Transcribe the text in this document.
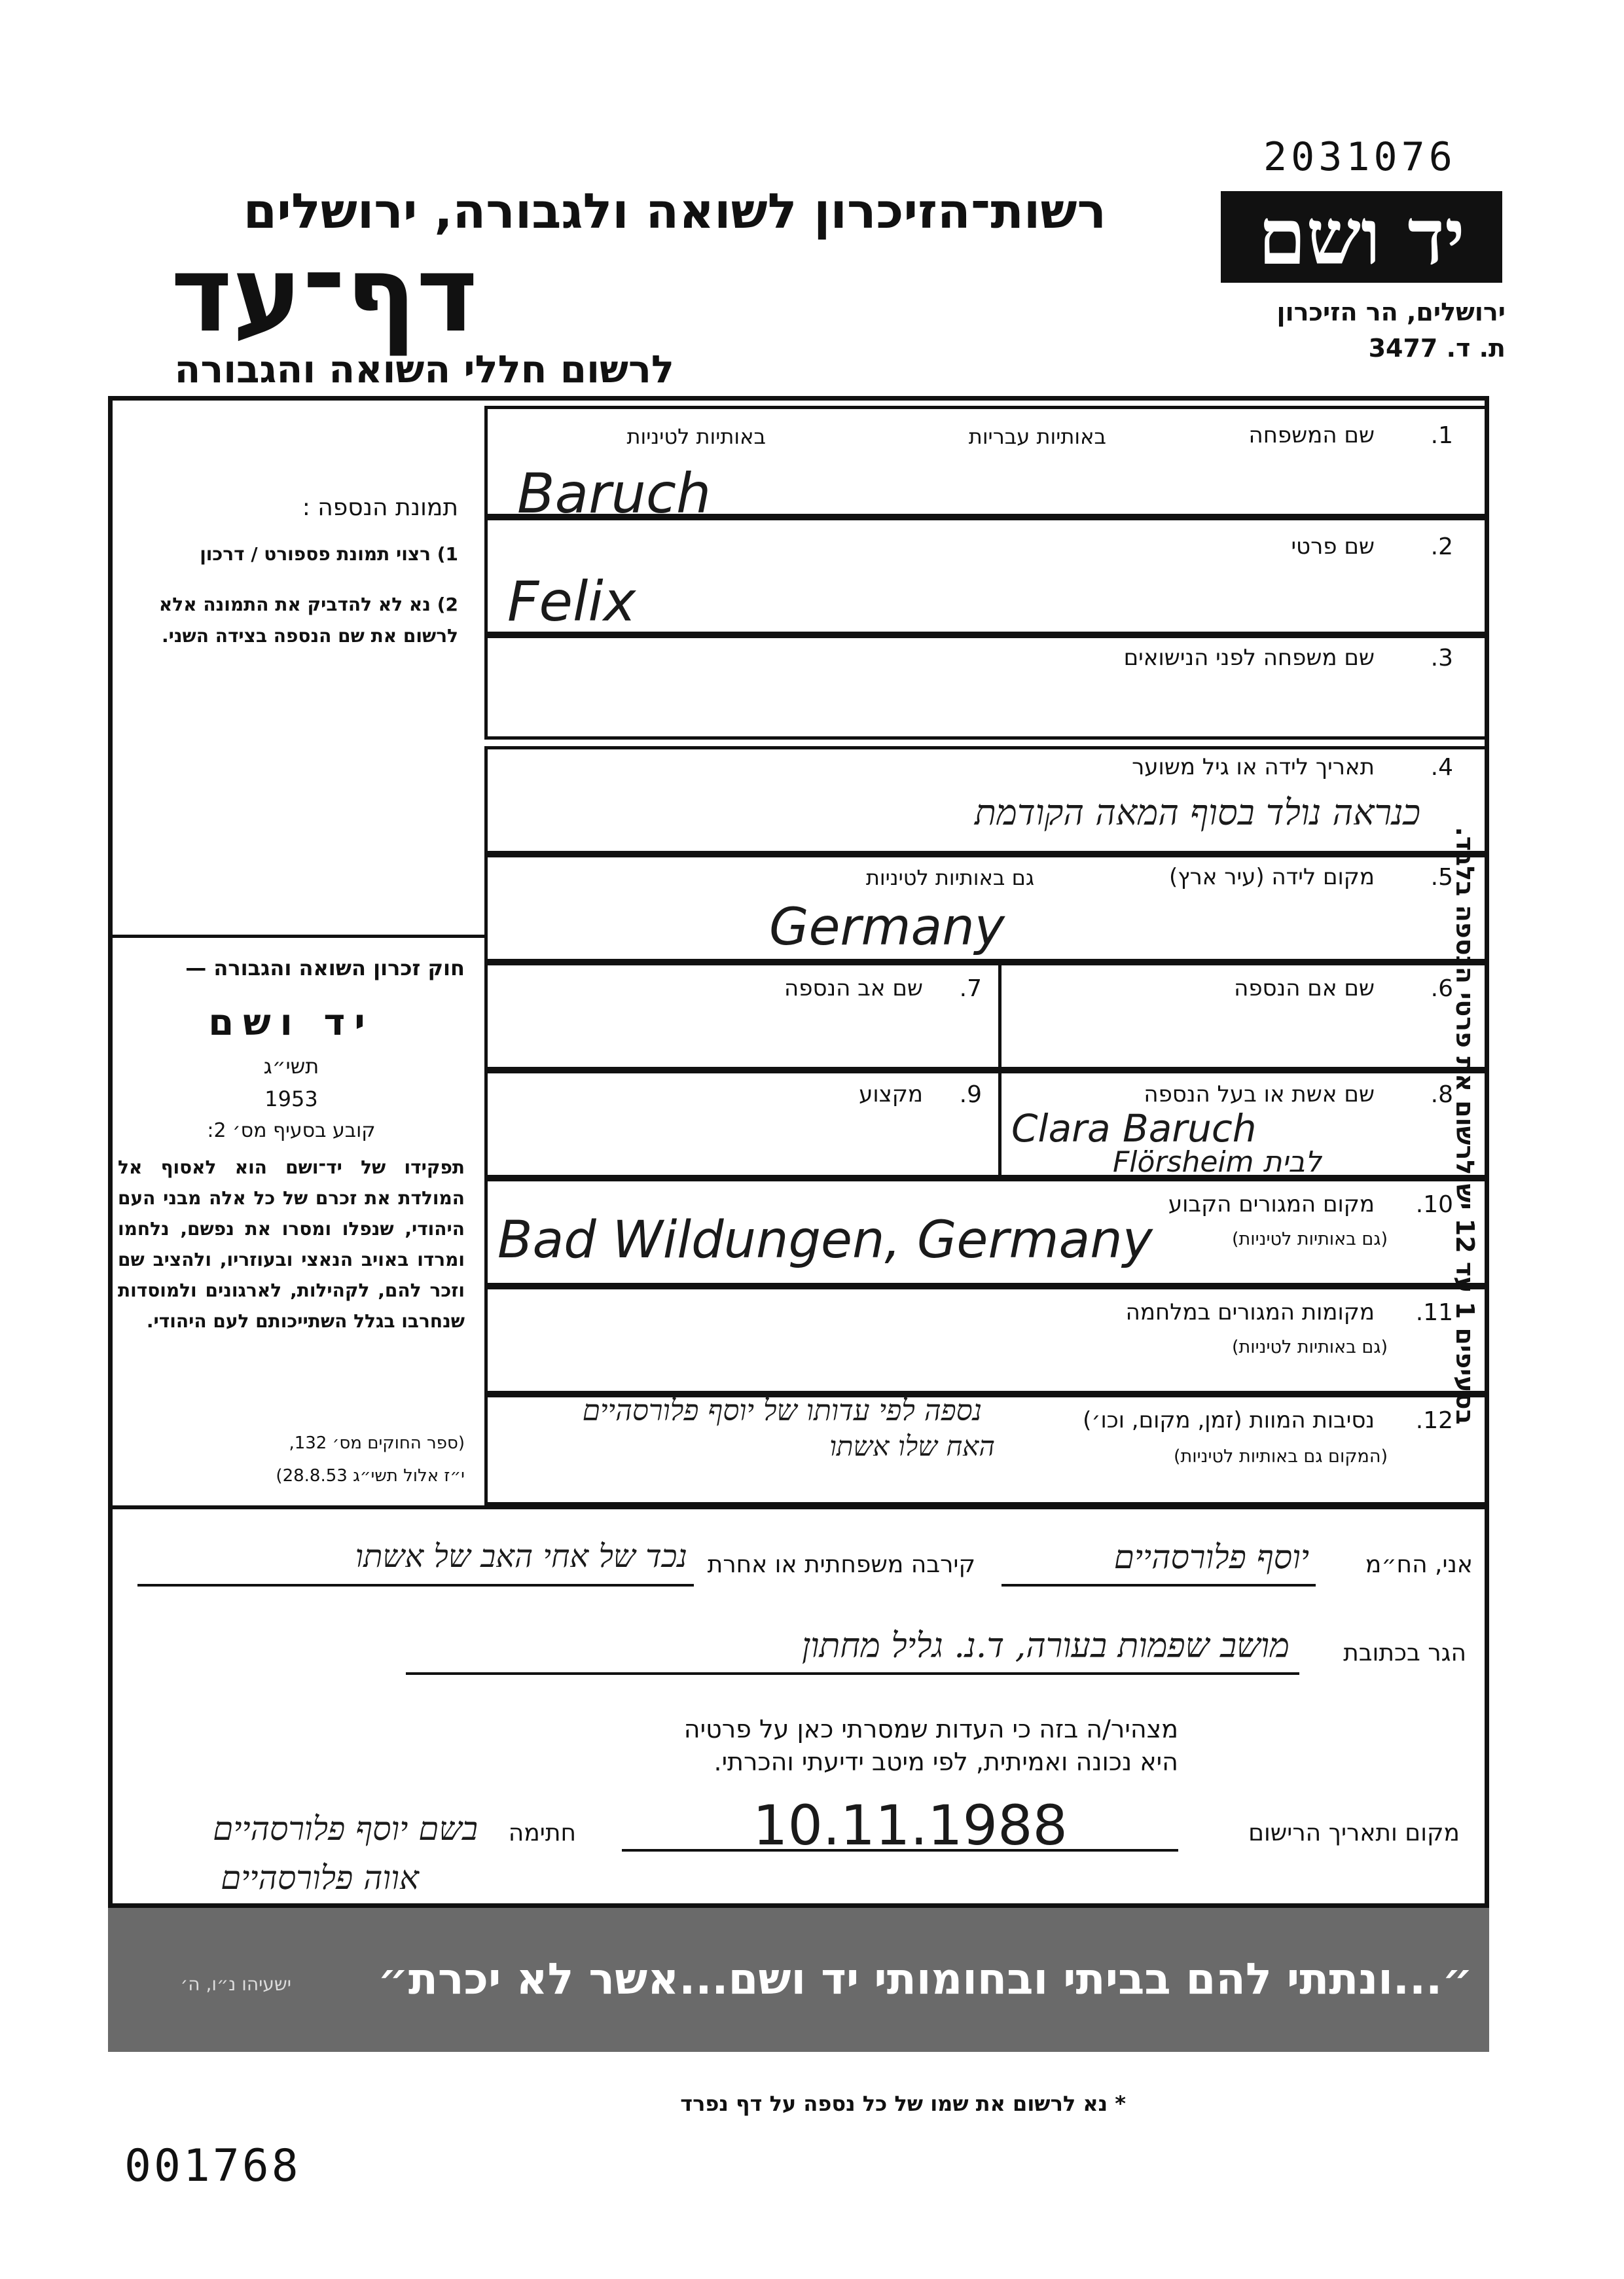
2031076
יד ושם
ירושלים, הר הזיכרון
ת. ד. 3477
רשות־הזיכרון לשואה ולגבורה, ירושלים
דף־עד
לרשום חללי השואה והגבורה
תמונת הנספה :
1) רצוי תמונת פספורט / דרכון
2) נא לא להדביק את התמונה אלא לרשום את שם הנספה בצידה השני.
חוק זכרון השואה והגבורה —
יד ושם
תשי״ג
1953
קובע בסעיף מס׳ 2:
תפקידו של יד־ושם הוא לאסוף אל המולדת את זכרם של כל אלה מבני העם היהודי, שנפלו ומסרו את נפשם, נלחמו ומרדו באויב הנאצי ובעוזריו, ולהציב שם וזכר להם, לקהילות, לארגונים ולמוסדות שנחרבו בגלל השתייכותם לעם היהודי.
(ספר החוקים מס׳ 132,
י״ז אלול תשי״ג 28.8.53)
1.
שם המשפחה
באותיות עבריות
באותיות לטיניות
Baruch
2.
שם פרטי
Felix
3.
שם משפחה לפני הנישואים
4.
תאריך לידה או גיל משוער
כנראה נולד בסוף המאה הקודמת
5.
מקום לידה (עיר ארץ)
גם באותיות לטיניות
Germany
6.
שם אם הנספה
7.
שם אב הנספה
8.
שם אשת או בעל הנספה
Clara Baruch
Flörsheim לבית
9.
מקצוע
10.
מקום המגורים הקבוע
(גם באותיות לטיניות)
Bad Wildungen, Germany
11.
מקומות המגורים במלחמה
(גם באותיות לטיניות)
12.
נסיבות המוות (זמן, מקום, וכו׳)
(המקום גם באותיות לטיניות)
נספה לפי עדותו של יוסף פלורסהיים
האח שלו אשתו
אני, הח״מ
יוסף פלורסהיים
קירבה משפחתית או אחרת
נכד של אחי האב של אשתו
הגר בכתובת
מושב שפמות בעורה, ד.נ. גליל מחתון
מצהיר/ה בזה כי העדות שמסרתי כאן על פרטיה
היא נכונה ואמיתית, לפי מיטב ידיעתי והכרתי.
מקום ותאריך הרישום
10.11.1988
חתימה
בשם יוסף פלורסהיים
אווה פלורסהיים
״...ונתתי להם בביתי ובחומותי יד ושם...אשר לא יכרת״
ישעיהו נ״ו, ה׳
* נא לרשום את שמו של כל נספה על דף נפרד
001768
בסעיפים 1 עד 12 יש לרשום את פרטי הנספה בלבד.
